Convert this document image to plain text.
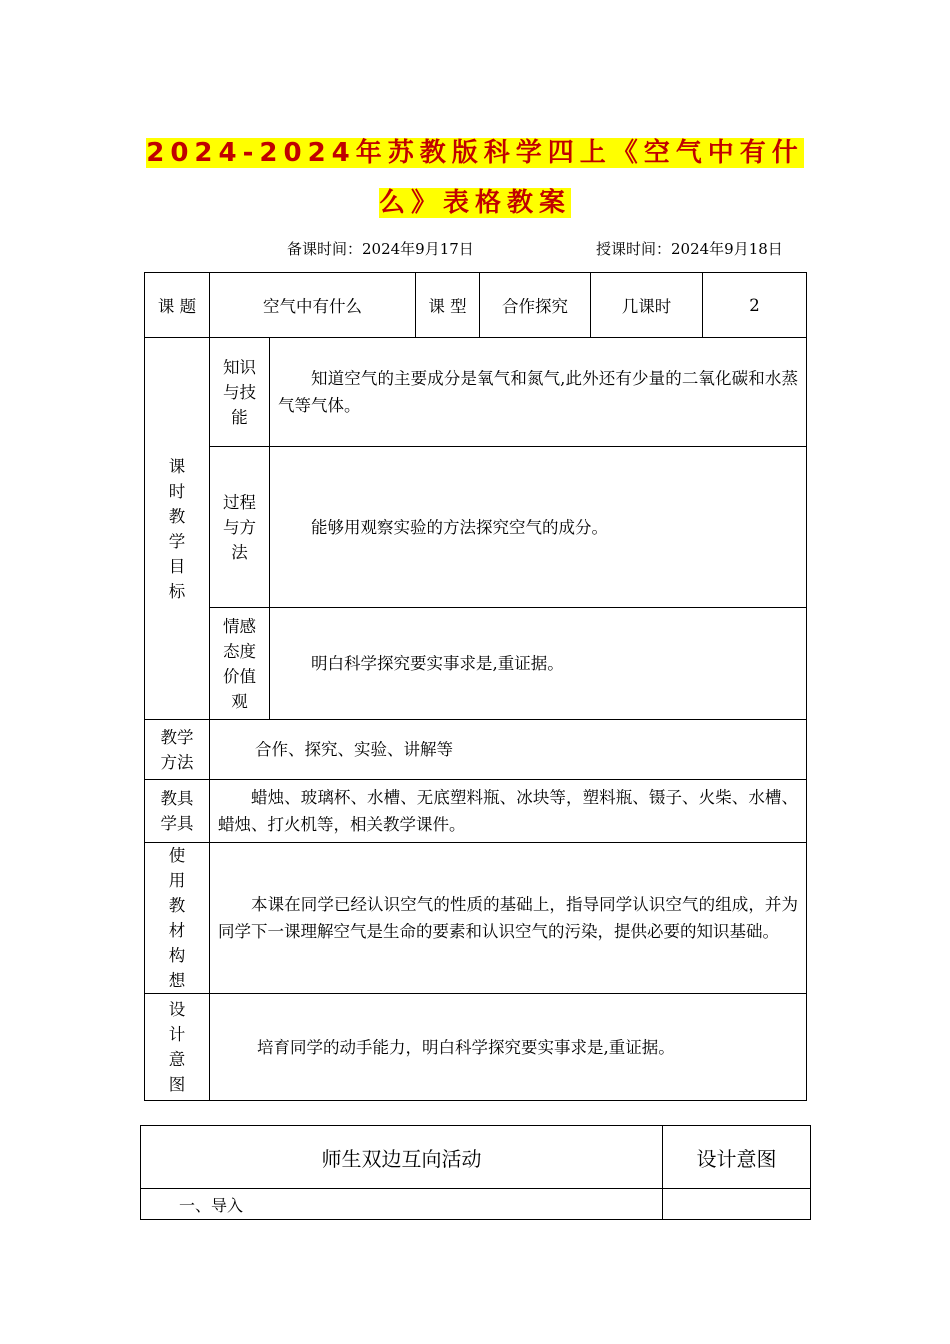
2024-2024年苏教版科学四上《空气中有什
么》表格教案
备课时间：2024年9月17日	授课时间：2024年9月18日
课 题	空气中有什么		课 型	合作探究	几课时	2

课时教学目标	知识与技能	知道空气的主要成分是氧气和氮气,此外还有少量的二氧化碳和水蒸气等气体。				

	过程与方法	能够用观察实验的方法探究空气的成分。				

	情感态度价值观	明白科学探究要实事求是,重证据。				

教学方法	合作、探究、实验、讲解等					

教具学具	蜡烛、玻璃杯、水槽、无底塑料瓶、冰块等，塑料瓶、镊子、火柴、水槽、蜡烛、打火机等，相关教学课件。					

使用教材构想	本课在同学已经认识空气的性质的基础上，指导同学认识空气的组成，并为同学下一课理解空气是生命的要素和认识空气的污染，提供必要的知识基础。					

设计意图	培育同学的动手能力，明白科学探究要实事求是,重证据。					
师生双边互向活动	设计意图
一、导入	
